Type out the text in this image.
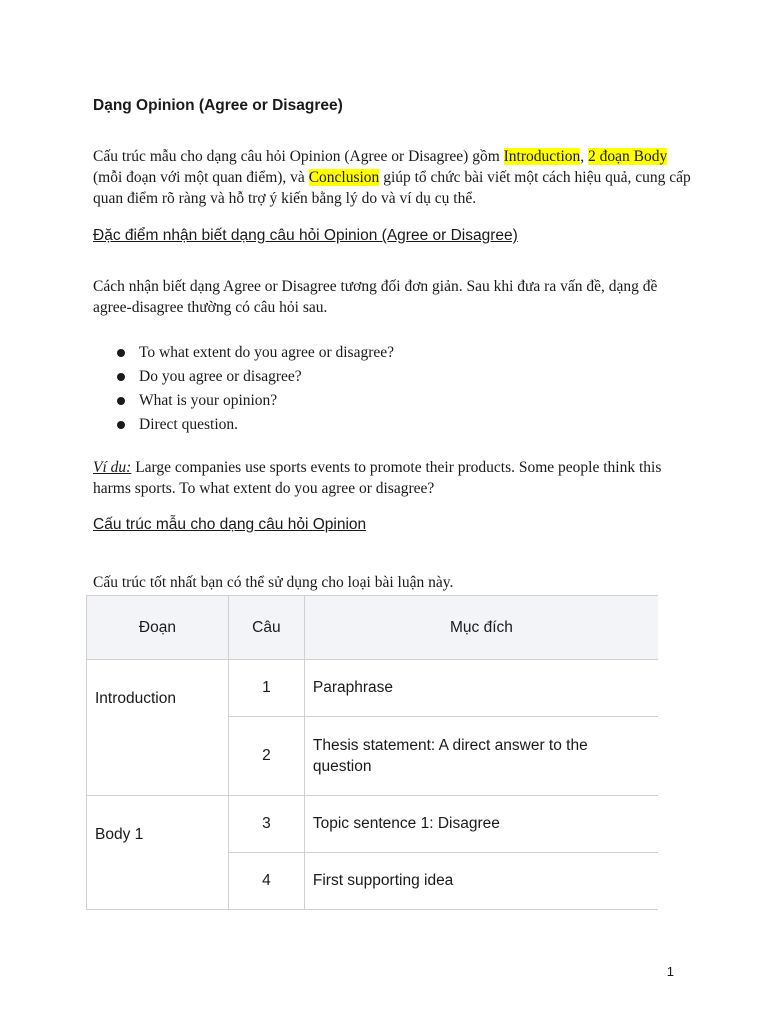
Dạng Opinion (Agree or Disagree)
Cấu trúc mẫu cho dạng câu hỏi Opinion (Agree or Disagree) gồm Introduction, 2 đoạn Body (mỗi đoạn với một quan điểm), và Conclusion giúp tổ chức bài viết một cách hiệu quả, cung cấp quan điểm rõ ràng và hỗ trợ ý kiến bằng lý do và ví dụ cụ thể.
Đặc điểm nhận biết dạng câu hỏi Opinion (Agree or Disagree)
Cách nhận biết dạng Agree or Disagree tương đối đơn giản. Sau khi đưa ra vấn đề, dạng đề agree-disagree thường có câu hỏi sau.
To what extent do you agree or disagree?
Do you agree or disagree?
What is your opinion?
Direct question.
Ví du: Large companies use sports events to promote their products. Some people think this harms sports. To what extent do you agree or disagree?
Cấu trúc mẫu cho dạng câu hỏi Opinion
Cấu trúc tốt nhất bạn có thể sử dụng cho loại bài luận này.
Đoạn	Câu	Mục đích
Introduction	1	Paraphrase
	2	Thesis statement: A direct answer to the question
Body 1	3	Topic sentence 1: Disagree
	4	First supporting idea
1
